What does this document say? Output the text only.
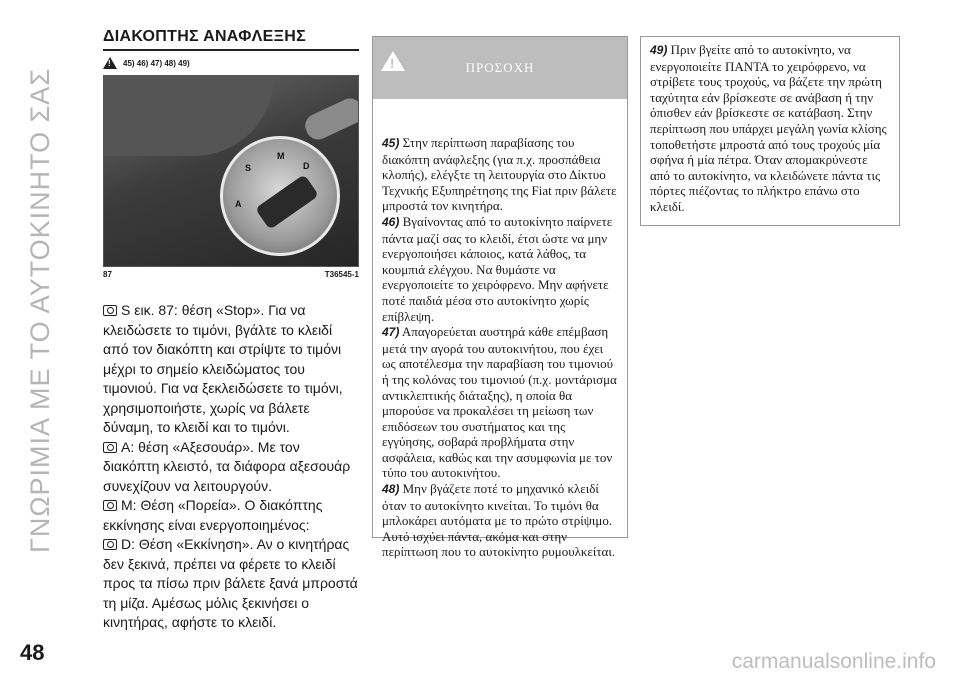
ΓΝΩΡΙΜΙΑ ΜΕ ΤΟ ΑΥΤΟΚΙΝΗΤΟ ΣΑΣ
ΔΙΑΚΟΠΤΗΣ ΑΝΑΦΛΕΞΗΣ
!
45) 46) 47) 48) 49)
M
D
A
S
87	T36545-1

S εικ. 87: θέση «Stop». Για να κλειδώσετε το τιμόνι, βγάλτε το κλειδί από τον διακόπτη και στρίψτε το τιμόνι μέχρι το σημείο κλειδώματος του τιμονιού. Για να ξεκλειδώσετε το τιμόνι, χρησιμοποιήστε, χωρίς να βάλετε δύναμη, το κλειδί και το τιμόνι.

A: θέση «Αξεσουάρ». Με τον διακόπτη κλειστό, τα διάφορα αξεσουάρ συνεχίζουν να λειτουργούν.

M: Θέση «Πορεία». Ο διακόπτης εκκίνησης είναι ενεργοποιημένος:

D: Θέση «Εκκίνηση». Αν ο κινητήρας δεν ξεκινά, πρέπει να φέρετε το κλειδί προς τα πίσω πριν βάλετε ξανά μπροστά τη μίζα. Αμέσως μόλις ξεκινήσει ο κινητήρας, αφήστε το κλειδί.

!
ΠΡΟΣΟΧΗ

45) Στην περίπτωση παραβίασης του διακόπτη ανάφλεξης (για π.χ. προσπάθεια κλοπής), ελέγξτε τη λειτουργία στο Δίκτυο Τεχνικής Εξυπηρέτησης της Fiat πριν βάλετε μπροστά τον κινητήρα.

46) Βγαίνοντας από το αυτοκίνητο παίρνετε πάντα μαζί σας το κλειδί, έτσι ώστε να μην ενεργοποιήσει κάποιος, κατά λάθος, τα κουμπιά ελέγχου. Να θυμάστε να ενεργοποιείτε το χειρόφρενο. Μην αφήνετε ποτέ παιδιά μέσα στο αυτοκίνητο χωρίς επίβλεψη.

47) Απαγορεύεται αυστηρά κάθε επέμβαση μετά την αγορά του αυτοκινήτου, που έχει ως αποτέλεσμα την παραβίαση του τιμονιού ή της κολόνας του τιμονιού (π.χ. μοντάρισμα αντικλεπτικής διάταξης), η οποία θα μπορούσε να προκαλέσει τη μείωση των επιδόσεων του συστήματος και της εγγύησης, σοβαρά προβλήματα στην ασφάλεια, καθώς και την ασυμφωνία με τον τύπο του αυτοκινήτου.

48) Μην βγάζετε ποτέ το μηχανικό κλειδί όταν το αυτοκίνητο κινείται. Το τιμόνι θα μπλοκάρει αυτόματα με το πρώτο στρίψιμο. Αυτό ισχύει πάντα, ακόμα και στην περίπτωση που το αυτοκίνητο ρυμουλκείται.

49) Πριν βγείτε από το αυτοκίνητο, να ενεργοποιείτε ΠΑΝΤΑ το χειρόφρενο, να στρίβετε τους τροχούς, να βάζετε την πρώτη ταχύτητα εάν βρίσκεστε σε ανάβαση ή την όπισθεν εάν βρίσκεστε σε κατάβαση. Στην περίπτωση που υπάρχει μεγάλη γωνία κλίσης τοποθετήστε μπροστά από τους τροχούς μία σφήνα ή μία πέτρα. Όταν απομακρύνεστε από το αυτοκίνητο, να κλειδώνετε πάντα τις πόρτες πιέζοντας το πλήκτρο επάνω στο κλειδί.

48	carmanualsonline.info
